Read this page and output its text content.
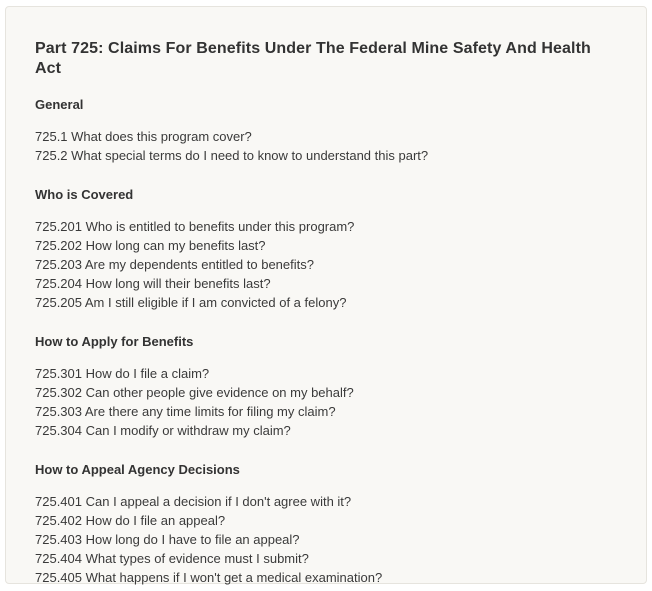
Part 725: Claims For Benefits Under The Federal Mine Safety And Health Act
General
725.1 What does this program cover?
725.2 What special terms do I need to know to understand this part?
Who is Covered
725.201 Who is entitled to benefits under this program?
725.202 How long can my benefits last?
725.203 Are my dependents entitled to benefits?
725.204 How long will their benefits last?
725.205 Am I still eligible if I am convicted of a felony?
How to Apply for Benefits
725.301 How do I file a claim?
725.302 Can other people give evidence on my behalf?
725.303 Are there any time limits for filing my claim?
725.304 Can I modify or withdraw my claim?
How to Appeal Agency Decisions
725.401 Can I appeal a decision if I don't agree with it?
725.402 How do I file an appeal?
725.403 How long do I have to file an appeal?
725.404 What types of evidence must I submit?
725.405 What happens if I won't get a medical examination?
